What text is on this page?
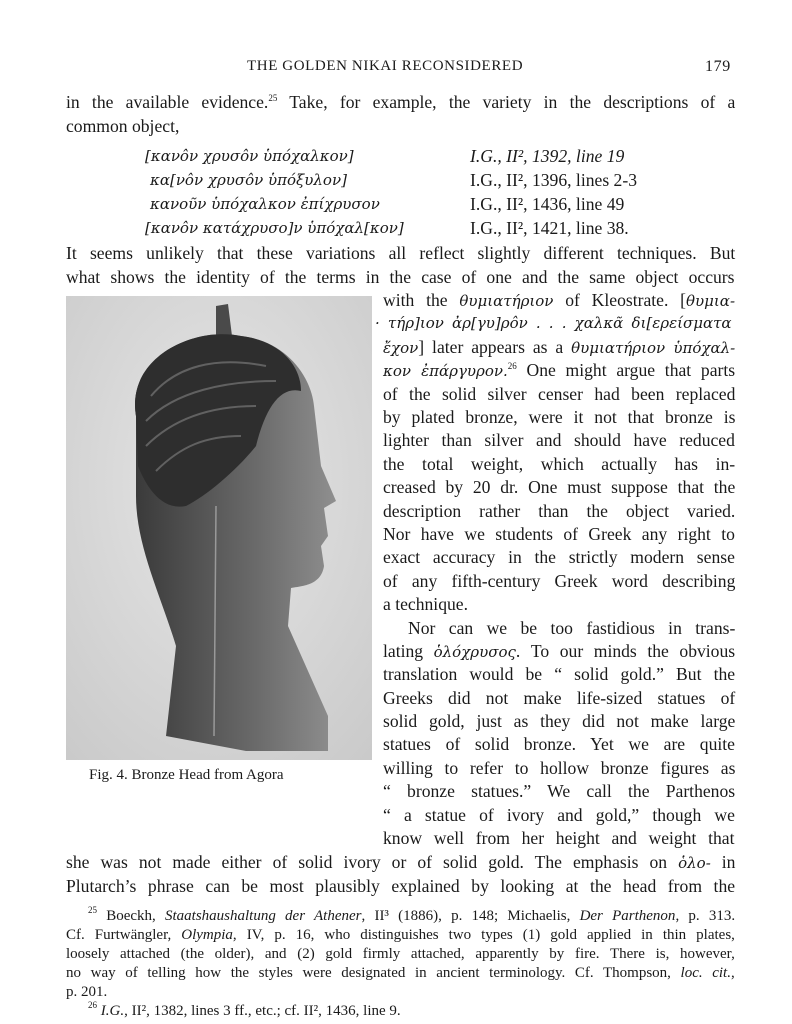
THE GOLDEN NIKAI RECONSIDERED	179
in the available evidence.$^{25}$ Take, for example, the variety in the descriptions of a
common object,
[κανôν χρυσôν ὑπόχαλκον]	I.G., II², 1392, line 19
κα[νôν χρυσôν ὑπόξυλον]	I.G., II², 1396, lines 2-3
κανοῦν ὑπόχαλκον ἐπίχρυσον	I.G., II², 1436, line 49
[κανôν κατάχρυσο]ν ὑπόχαλ[κον]	I.G., II², 1421, line 38.
It seems unlikely that these variations all reflect slightly different techniques. But
what shows the identity of the terms in the case of one and the same object occurs
Fig. 4. Bronze Head from Agora
with the θυμιατήριον of Kleostrate. [θυμια-
· τήρ]ιον ἀρ[γυ]ρôν . . . χαλκᾶ δι[ερείσματα
ἔχον] later appears as a θυμιατήριον ὑπόχαλ-
κον ἐπάργυρον.$^{26}$ One might argue that parts
of the solid silver censer had been replaced
by plated bronze, were it not that bronze is
lighter than silver and should have reduced
the total weight, which actually has in-
creased by 20 dr. One must suppose that the
description rather than the object varied.
Nor have we students of Greek any right to
exact accuracy in the strictly modern sense
of any fifth-century Greek word describing
a technique.
Nor can we be too fastidious in trans-
lating ὁλόχρυσος. To our minds the obvious
translation would be “ solid gold.” But the
Greeks did not make life-sized statues of
solid gold, just as they did not make large
statues of solid bronze. Yet we are quite
willing to refer to hollow bronze figures as
“ bronze statues.” We call the Parthenos
“ a statue of ivory and gold,” though we
know well from her height and weight that
she was not made either of solid ivory or of solid gold. The emphasis on ὁλο- in
Plutarch’s phrase can be most plausibly explained by looking at the head from the
$^{25}$ Boeckh, Staatshaushaltung der Athener, II³ (1886), p. 148; Michaelis, Der Parthenon, p. 313.
Cf. Furtwängler, Olympia, IV, p. 16, who distinguishes two types (1) gold applied in thin plates,
loosely attached (the older), and (2) gold firmly attached, apparently by fire. There is, however,
no way of telling how the styles were designated in ancient terminology. Cf. Thompson, loc. cit.,
p. 201.
$^{26}$ I.G., II², 1382, lines 3 ff., etc.; cf. II², 1436, line 9.
